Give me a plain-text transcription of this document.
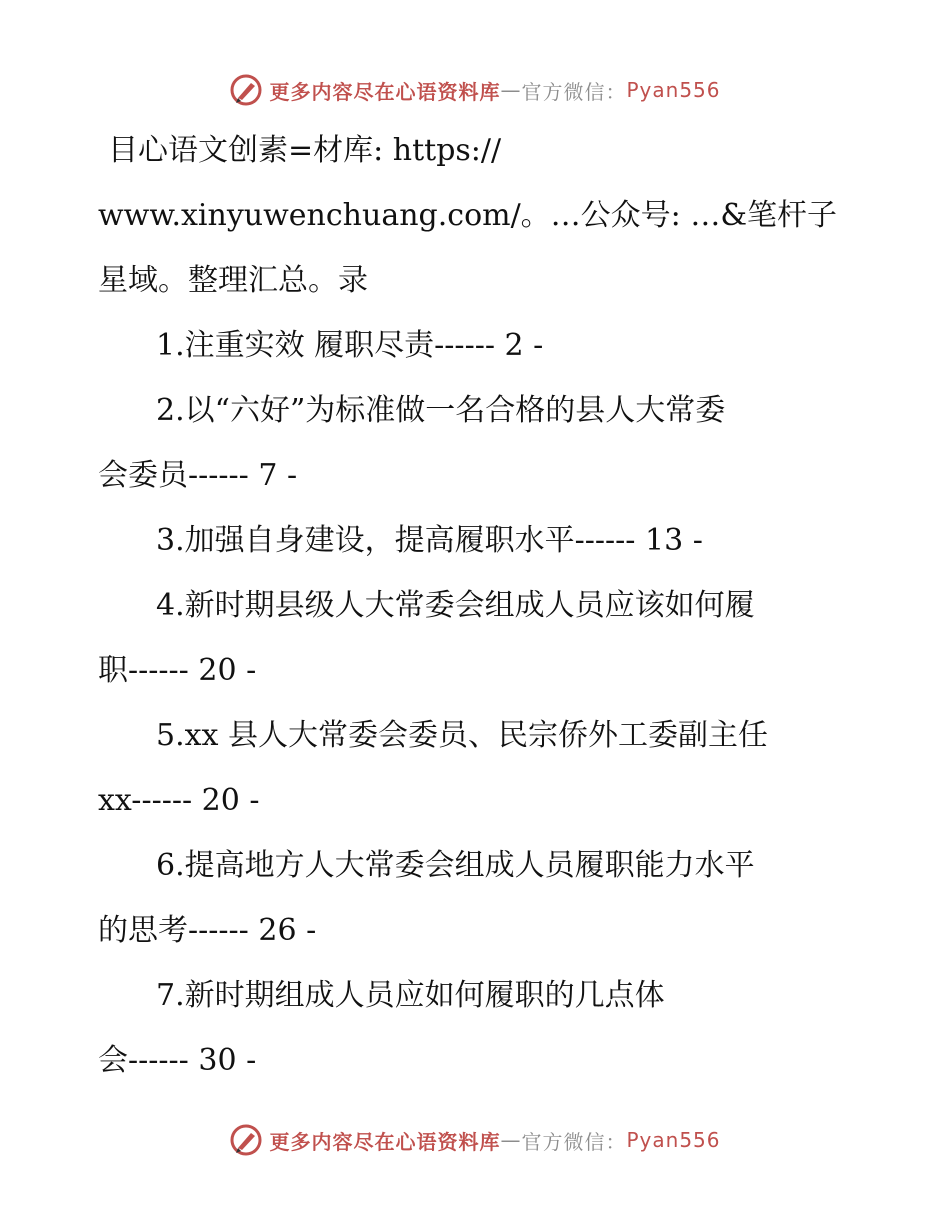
更多内容尽在心语资料库 — 官方微信： Pyan556

目心语文创素=材库: https://
www.xinyuwenchuang.com/。…公众号: …&笔杆子
星域。整理汇总。录

1.注重实效 履职尽责------ 2 -

2.以“六好”为标准做一名合格的县人大常委
会委员------ 7 -

3.加强自身建设，提高履职水平------ 13 -

4.新时期县级人大常委会组成人员应该如何履
职------ 20 -

5.xx 县人大常委会委员、民宗侨外工委副主任
xx------ 20 -

6.提高地方人大常委会组成人员履职能力水平
的思考------ 26 -

7.新时期组成人员应如何履职的几点体
会------ 30 -

更多内容尽在心语资料库 — 官方微信： Pyan556
